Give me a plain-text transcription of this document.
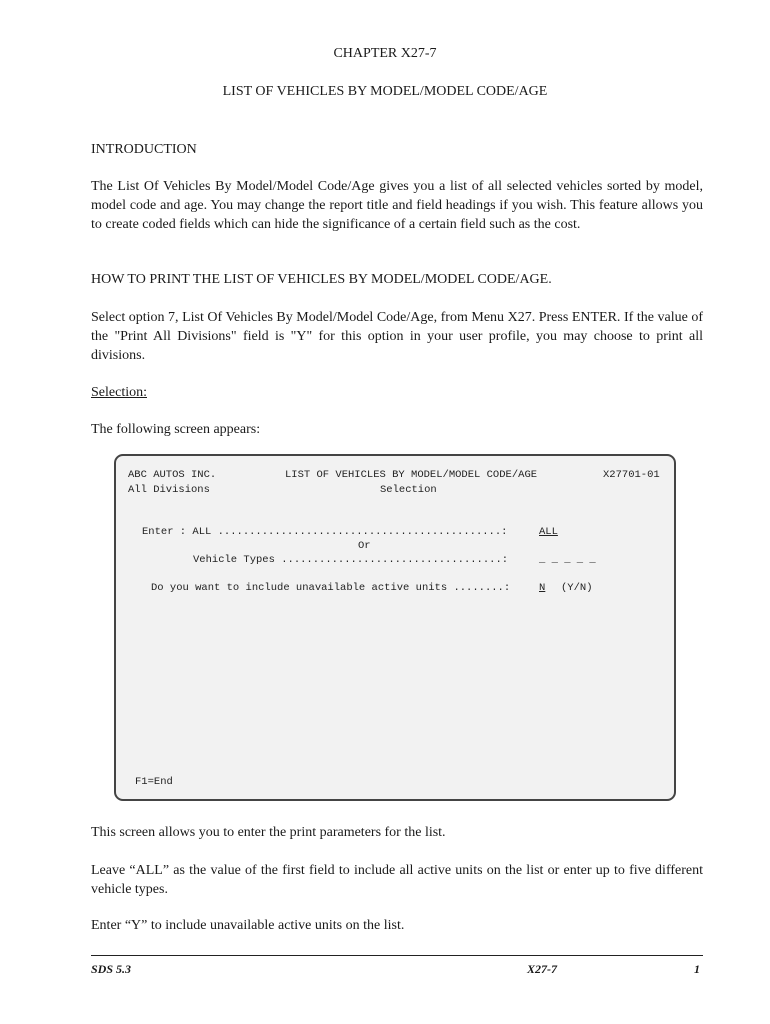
CHAPTER X27-7
LIST OF VEHICLES BY MODEL/MODEL CODE/AGE
INTRODUCTION
The List Of Vehicles By Model/Model Code/Age gives you a list of all selected vehicles sorted by model, model code and age. You may change the report title and field headings if you wish. This feature allows you to create coded fields which can hide the significance of a certain field such as the cost.
HOW TO PRINT THE LIST OF VEHICLES BY MODEL/MODEL CODE/AGE.
Select option 7, List Of Vehicles By Model/Model Code/Age, from Menu X27. Press ENTER. If the value of the "Print All Divisions" field is "Y" for this option in your user profile, you may choose to print all divisions.
Selection:
The following screen appears:
ABC AUTOS INC.	LIST OF VEHICLES BY MODEL/MODEL CODE/AGE	X27701-01
All Divisions	Selection
Enter : ALL .............................................:	ALL
Or
Vehicle Types ...................................:	_ _ _ _ _
Do you want to include unavailable active units ........:	N (Y/N)
F1=End
This screen allows you to enter the print parameters for the list.
Leave “ALL” as the value of the first field to include all active units on the list or enter up to five different vehicle types.
Enter “Y” to include unavailable active units on the list.
SDS 5.3	X27-7	1
